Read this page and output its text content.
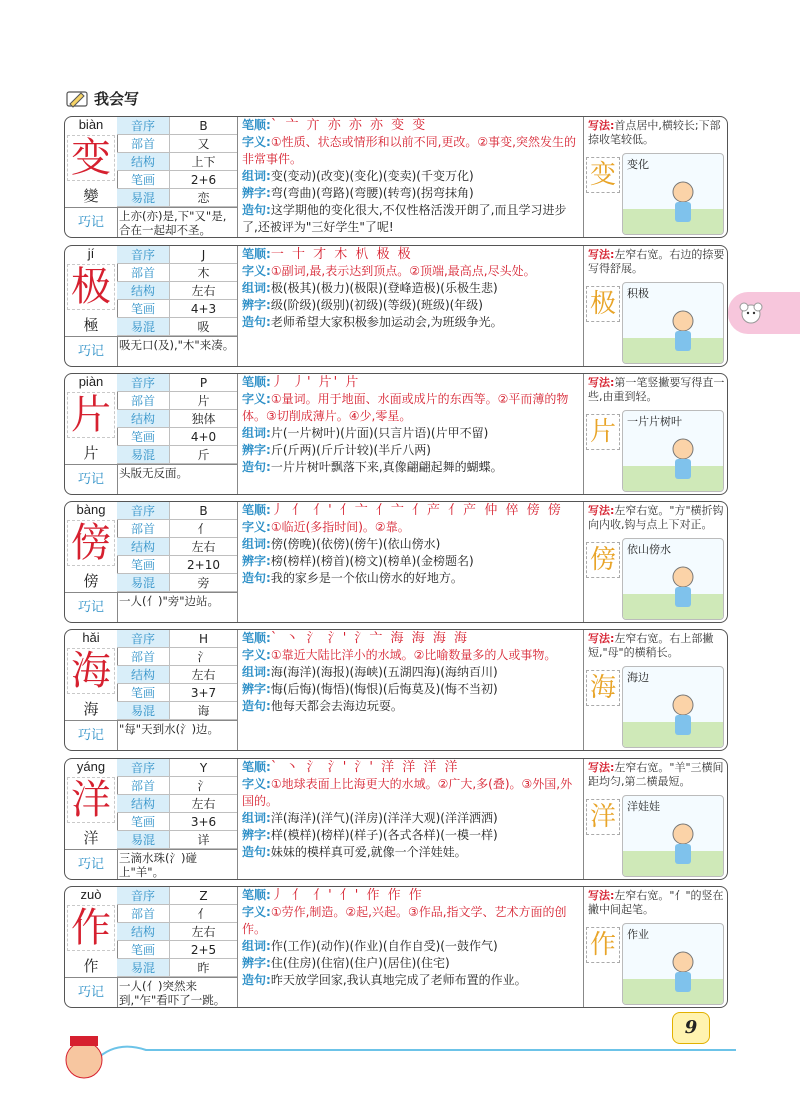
我会写
biàn
变
變
巧记
音序	B
部首	又
结构	上下
笔画	2+6
易混	恋
上亦(亦)是,下"又"是,合在一起却不圣。

笔顺:` 亠 亣 亦 亦 亦 变 变

字义:①性质、状态或情形和以前不同,更改。②事变,突然发生的非常事件。

组词:变(变动)(改变)(变化)(变卖)(千变万化)

辨字:弯(弯曲)(弯路)(弯腰)(转弯)(拐弯抹角)

造句:这学期他的变化很大,不仅性格活泼开朗了,而且学习进步了,还被评为"三好学生"了呢!

写法:首点居中,横较长;下部捺收笔较低。
变	变化
jí
极
極
巧记
音序	J
部首	木
结构	左右
笔画	4+3
易混	吸
吸无口(及),"木"来凑。

笔顺:一 十 才 木 朳 极 极

字义:①副词,最,表示达到顶点。②顶端,最高点,尽头处。

组词:极(极其)(极力)(极限)(登峰造极)(乐极生悲)

辨字:级(阶级)(级别)(初级)(等级)(班级)(年级)

造句:老师希望大家积极参加运动会,为班级争光。

写法:左窄右宽。右边的捺要写得舒展。
极	积极
piàn
片
片
巧记
音序	P
部首	片
结构	独体
笔画	4+0
易混	斤
头版无反面。

笔顺:丿 丿' 片' 片

字义:①量词。用于地面、水面或成片的东西等。②平而薄的物体。③切削成薄片。④少,零星。

组词:片(一片树叶)(片面)(只言片语)(片甲不留)

辨字:斤(斤两)(斤斤计较)(半斤八两)

造句:一片片树叶飘落下来,真像翩翩起舞的蝴蝶。

写法:第一笔竖撇要写得直一些,由重到轻。
片	一片片树叶
bàng
傍
傍
巧记
音序	B
部首	亻
结构	左右
笔画	2+10
易混	旁
一人(亻)"旁"边站。

笔顺:丿 亻 亻' 亻亠 亻亠 亻产 亻产 仲 倅 傍 傍

字义:①临近(多指时间)。②靠。

组词:傍(傍晚)(依傍)(傍午)(依山傍水)

辨字:榜(榜样)(榜首)(榜文)(榜单)(金榜题名)

造句:我的家乡是一个依山傍水的好地方。

写法:左窄右宽。"方"横折钩向内收,钩与点上下对正。
傍	依山傍水
hǎi
海
海
巧记
音序	H
部首	氵
结构	左右
笔画	3+7
易混	诲
"每"天到水(氵)边。

笔顺:` 丶 氵 氵' 氵亠 海 海 海 海

字义:①靠近大陆比洋小的水域。②比喻数量多的人或事物。

组词:海(海洋)(海报)(海峡)(五湖四海)(海纳百川)

辨字:悔(后悔)(悔悟)(悔恨)(后悔莫及)(悔不当初)

造句:他每天都会去海边玩耍。

写法:左窄右宽。右上部撇短,"母"的横稍长。
海	海边
yáng
洋
洋
巧记
音序	Y
部首	氵
结构	左右
笔画	3+6
易混	详
三滴水珠(氵)碰上"羊"。

笔顺:` 丶 氵 氵' 氵' 洋 洋 洋 洋

字义:①地球表面上比海更大的水域。②广大,多(叠)。③外国,外国的。

组词:洋(海洋)(洋气)(洋房)(洋洋大观)(洋洋洒洒)

辨字:样(模样)(榜样)(样子)(各式各样)(一模一样)

造句:妹妹的模样真可爱,就像一个洋娃娃。

写法:左窄右宽。"羊"三横间距均匀,第二横最短。
洋	洋娃娃
zuò
作
作
巧记
音序	Z
部首	亻
结构	左右
笔画	2+5
易混	昨
一人(亻)突然来到,"乍"看吓了一跳。

笔顺:丿 亻 亻' 亻' 作 作 作

字义:①劳作,制造。②起,兴起。③作品,指文学、艺术方面的创作。

组词:作(工作)(动作)(作业)(自作自受)(一鼓作气)

辨字:住(住房)(住宿)(住户)(居住)(住宅)

造句:昨天放学回家,我认真地完成了老师布置的作业。

写法:左窄右宽。"亻"的竖在撇中间起笔。
作	作业
9
